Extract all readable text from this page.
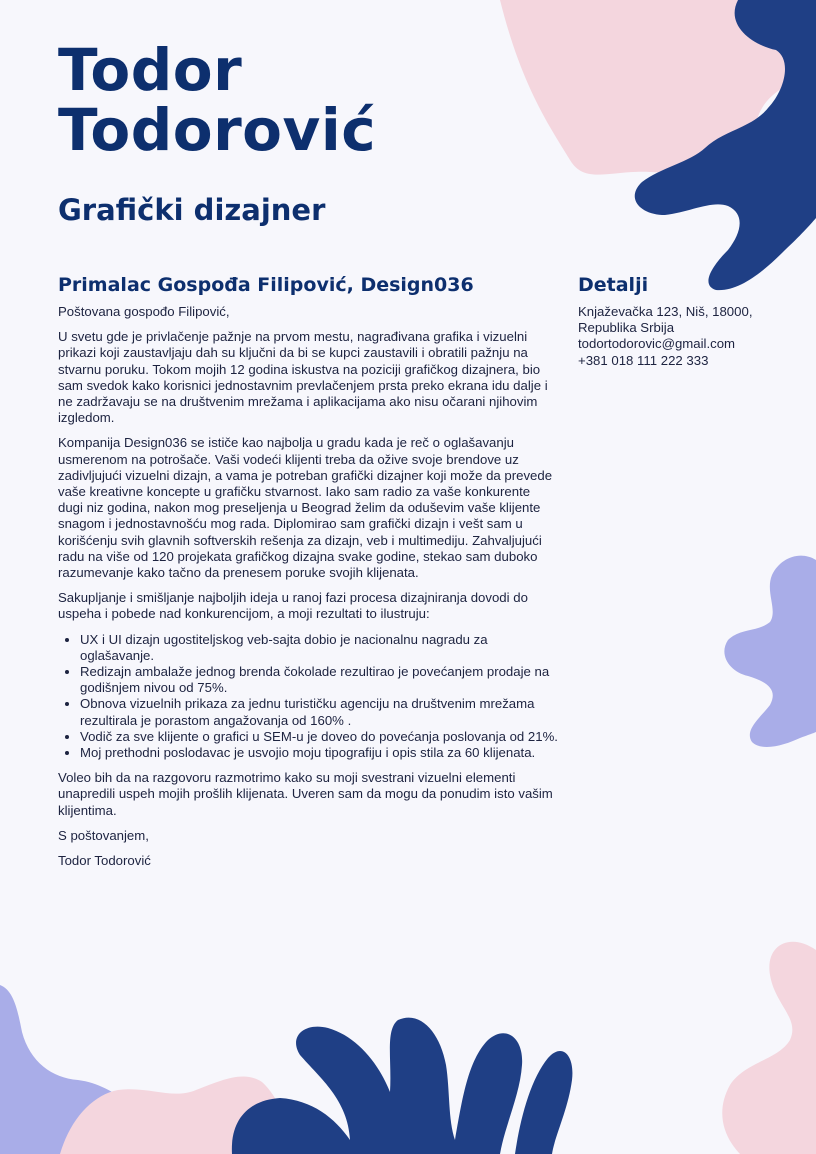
Todor
Todorović
Grafički dizajner
Primalac Gospođa Filipović, Design036

Poštovana gospođo Filipović,

U svetu gde je privlačenje pažnje na prvom mestu, nagrađivana grafika i vizuelni prikazi koji zaustavljaju dah su ključni da bi se kupci zaustavili i obratili pažnju na stvarnu poruku. Tokom mojih 12 godina iskustva na poziciji grafičkog dizajnera, bio sam svedok kako korisnici jednostavnim prevlačenjem prsta preko ekrana idu dalje i ne zadržavaju se na društvenim mrežama i aplikacijama ako nisu očarani njihovim izgledom.

Kompanija Design036 se ističe kao najbolja u gradu kada je reč o oglašavanju usmerenom na potrošače. Vaši vodeći klijenti treba da ožive svoje brendove uz zadivljujući vizuelni dizajn, a vama je potreban grafički dizajner koji može da prevede vaše kreativne koncepte u grafičku stvarnost. Iako sam radio za vaše konkurente dugi niz godina, nakon mog preseljenja u Beograd želim da oduševim vaše klijente snagom i jednostavnošću mog rada. Diplomirao sam grafički dizajn i vešt sam u korišćenju svih glavnih softverskih rešenja za dizajn, veb i multimediju. Zahvaljujući radu na više od 120 projekata grafičkog dizajna svake godine, stekao sam duboko razumevanje kako tačno da prenesem poruke svojih klijenata.

Sakupljanje i smišljanje najboljih ideja u ranoj fazi procesa dizajniranja dovodi do uspeha i pobede nad konkurencijom, a moji rezultati to ilustruju:

• UX i UI dizajn ugostiteljskog veb-sajta dobio je nacionalnu nagradu za oglašavanje.
• Redizajn ambalaže jednog brenda čokolade rezultirao je povećanjem prodaje na godišnjem nivou od 75%.
• Obnova vizuelnih prikaza za jednu turističku agenciju na društvenim mrežama rezultirala je porastom angažovanja od 160% .
• Vodič za sve klijente o grafici u SEM-u je doveo do povećanja poslovanja od 21%.
• Moj prethodni poslodavac je usvojio moju tipografiju i opis stila za 60 klijenata.

Voleo bih da na razgovoru razmotrimo kako su moji svestrani vizuelni elementi unapredili uspeh mojih prošlih klijenata. Uveren sam da mogu da ponudim isto vašim klijentima.

S poštovanjem,

Todor Todorović

Detalji
Knjaževačka 123, Niš, 18000,
Republika Srbija
todortodorovic@gmail.com
+381 018 111 222 333
